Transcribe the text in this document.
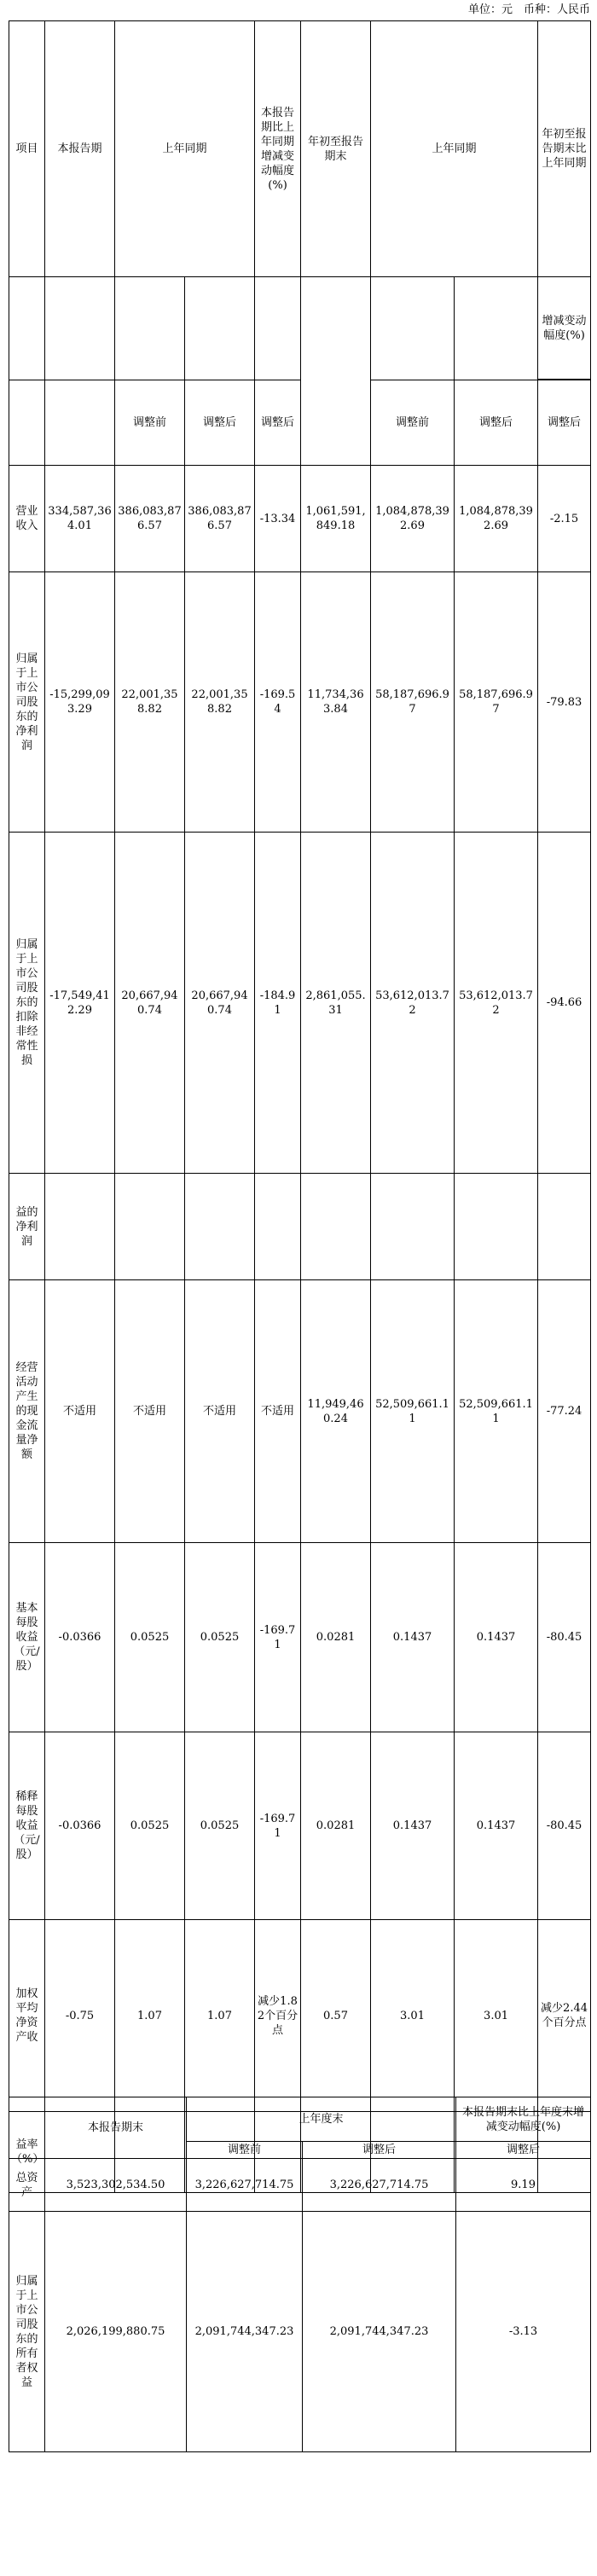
单位：元　币种：人民币
项目	本报告期	上年同期		本报告期比上年同期增减变动幅度(%)	年初至报告期末	上年同期		年初至报告期末比上年同期
								增减变动幅度(%)

		调整前	调整后	调整后		调整前	调整后	调整后
营业收入	334,587,364.01	386,083,876.57	386,083,876.57	-13.34	1,061,591,849.18	1,084,878,392.69	1,084,878,392.69	-2.15
归属于上市公司股东的净利润	-15,299,093.29	22,001,358.82	22,001,358.82	-169.54	11,734,363.84	58,187,696.97	58,187,696.97	-79.83
归属于上市公司股东的扣除非经常性损	-17,549,412.29	20,667,940.74	20,667,940.74	-184.91	2,861,055.31	53,612,013.72	53,612,013.72	-94.66
益的净利润								
经营活动产生的现金流量净额	不适用	不适用	不适用	不适用	11,949,460.24	52,509,661.11	52,509,661.11	-77.24
基本每股收益（元/股）	-0.0366	0.0525	0.0525	-169.71	0.0281	0.1437	0.1437	-80.45
稀释每股收益（元/股）	-0.0366	0.0525	0.0525	-169.71	0.0281	0.1437	0.1437	-80.45
加权平均净资产收	-0.75	1.07	1.07	减少1.82个百分点	0.57	3.01	3.01	减少2.44个百分点
益率（%）								
	本报告期末	上年度末		本报告期末比上年度末增减变动幅度(%)
		调整前	调整后	调整后
总资产	3,523,302,534.50	3,226,627,714.75	3,226,627,714.75	9.19
归属于上市公司股东的所有者权益	2,026,199,880.75	2,091,744,347.23	2,091,744,347.23	-3.13
